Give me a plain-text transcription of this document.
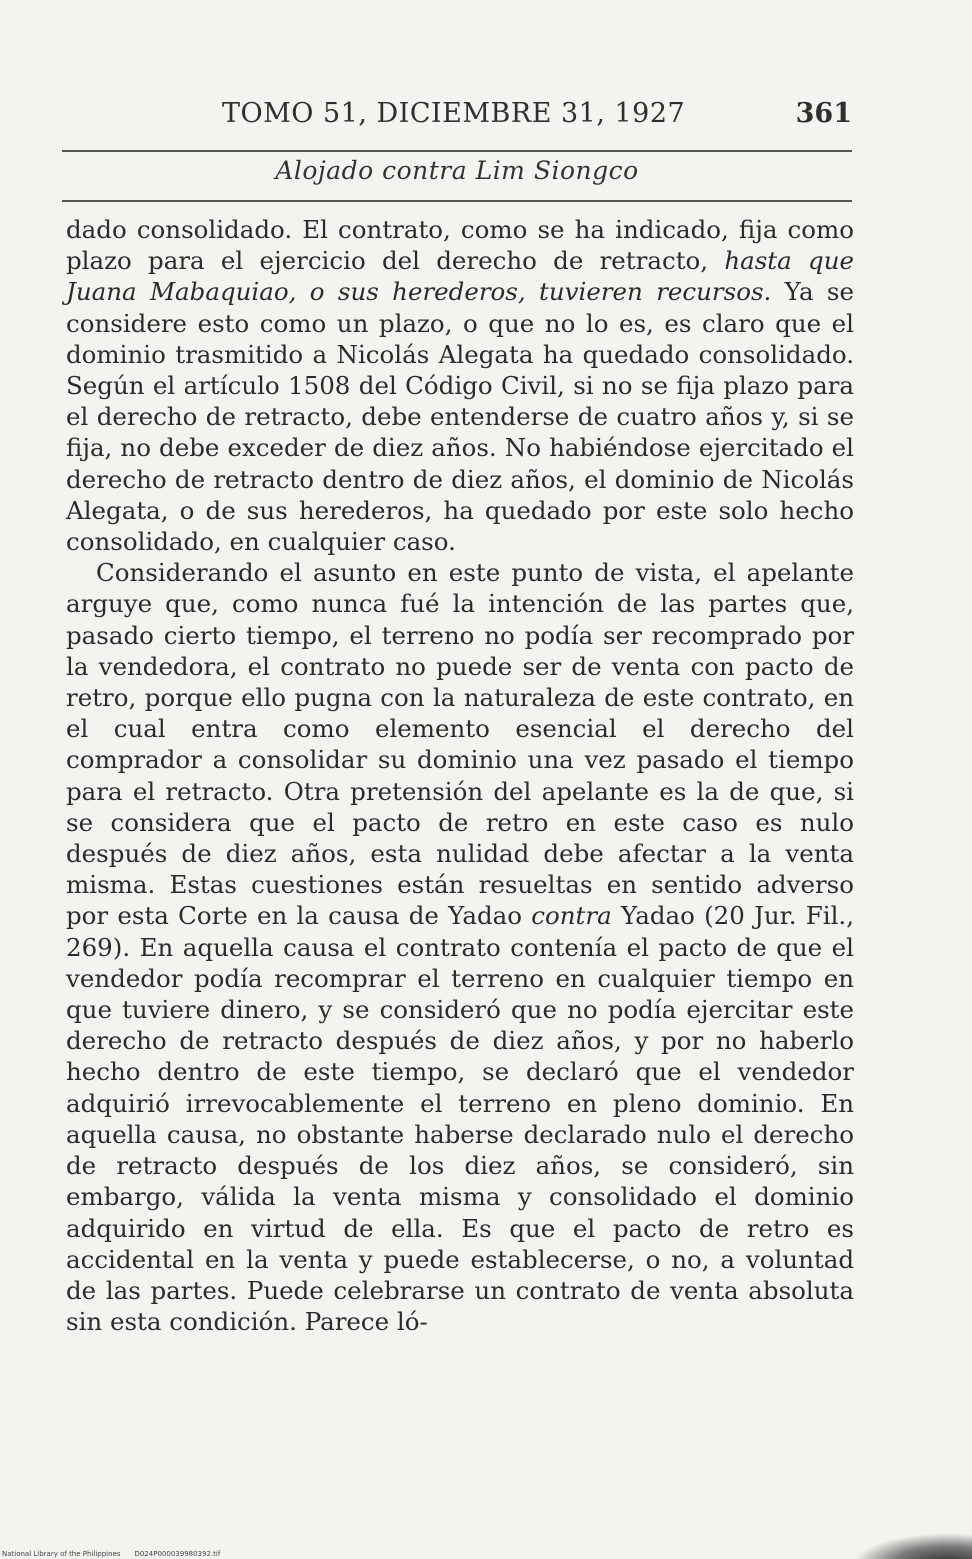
TOMO 51, DICIEMBRE 31, 1927	361
Alojado contra Lim Siongco

dado consolidado. El contrato, como se ha indicado, fija como plazo para el ejercicio del derecho de retracto, hasta que Juana Mabaquiao, o sus herederos, tuvieren recursos. Ya se considere esto como un plazo, o que no lo es, es claro que el dominio trasmitido a Nicolás Alegata ha quedado consolidado. Según el artículo 1508 del Código Civil, si no se fija plazo para el derecho de retracto, debe entenderse de cuatro años y, si se fija, no debe exceder de diez años. No habiéndose ejercitado el derecho de retracto dentro de diez años, el dominio de Nicolás Alegata, o de sus herederos, ha quedado por este solo hecho consolidado, en cualquier caso.

Considerando el asunto en este punto de vista, el apelante arguye que, como nunca fué la intención de las partes que, pasado cierto tiempo, el terreno no podía ser recomprado por la vendedora, el contrato no puede ser de venta con pacto de retro, porque ello pugna con la naturaleza de este contrato, en el cual entra como elemento esencial el derecho del comprador a consolidar su dominio una vez pasado el tiempo para el retracto. Otra pretensión del apelante es la de que, si se considera que el pacto de retro en este caso es nulo después de diez años, esta nulidad debe afectar a la venta misma. Estas cuestiones están resueltas en sentido adverso por esta Corte en la causa de Yadao contra Yadao (20 Jur. Fil., 269). En aquella causa el contrato contenía el pacto de que el vendedor podía recomprar el terreno en cualquier tiempo en que tuviere dinero, y se consideró que no podía ejercitar este derecho de retracto después de diez años, y por no haberlo hecho dentro de este tiempo, se declaró que el vendedor adquirió irrevocablemente el terreno en pleno dominio. En aquella causa, no obstante haberse declarado nulo el derecho de retracto después de los diez años, se consideró, sin embargo, válida la venta misma y consolidado el dominio adquirido en virtud de ella. Es que el pacto de retro es accidental en la venta y puede establecerse, o no, a voluntad de las partes. Puede celebrarse un contrato de venta absoluta sin esta condición. Parece ló-

National Library of the Philippines D024P000039980392.tif
